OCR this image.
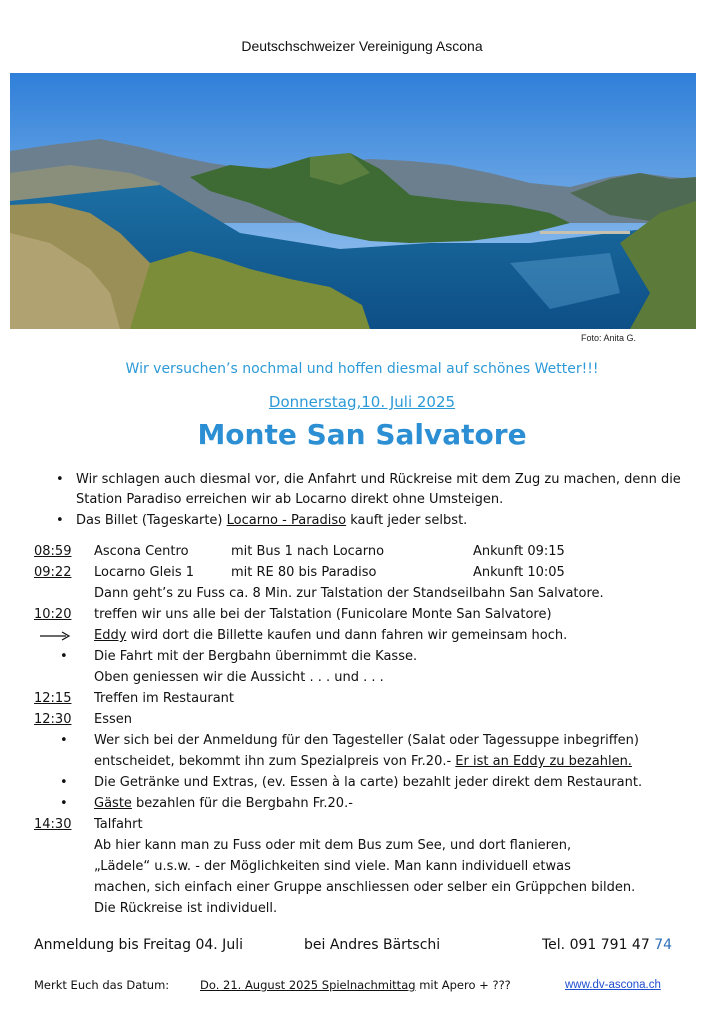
Deutschschweizer Vereinigung Ascona
Foto: Anita G.
Wir versuchen’s nochmal und hoffen diesmal auf schönes Wetter!!!
Donnerstag,10. Juli 2025
Monte San Salvatore
• Wir schlagen auch diesmal vor, die Anfahrt und Rückreise mit dem Zug zu machen, denn die Station Paradiso erreichen wir ab Locarno direkt ohne Umsteigen.
• Das Billet (Tageskarte) Locarno - Paradiso kauft jeder selbst.
08:59 Ascona Centro	mit Bus 1 nach Locarno	Ankunft 09:15
09:22 Locarno Gleis 1	mit RE 80 bis Paradiso	Ankunft 10:05
Dann geht’s zu Fuss ca. 8 Min. zur Talstation der Standseilbahn San Salvatore.
10:20 treffen wir uns alle bei der Talstation (Funicolare Monte San Salvatore)
Eddy wird dort die Billette kaufen und dann fahren wir gemeinsam hoch.
• Die Fahrt mit der Bergbahn übernimmt die Kasse.
Oben geniessen wir die Aussicht . . . und . . .
12:15 Treffen im Restaurant
12:30 Essen
• Wer sich bei der Anmeldung für den Tagesteller (Salat oder Tagessuppe inbegriffen)
entscheidet, bekommt ihn zum Spezialpreis von Fr.20.- Er ist an Eddy zu bezahlen.
• Die Getränke und Extras, (ev. Essen à la carte) bezahlt jeder direkt dem Restaurant.
• Gäste bezahlen für die Bergbahn Fr.20.-
14:30 Talfahrt
Ab hier kann man zu Fuss oder mit dem Bus zum See, und dort flanieren,
„Lädele“ u.s.w. - der Möglichkeiten sind viele. Man kann individuell etwas
machen, sich einfach einer Gruppe anschliessen oder selber ein Grüppchen bilden.
Die Rückreise ist individuell.
Anmeldung bis Freitag 04. Juli	bei Andres Bärtschi	Tel. 091 791 47 74
Merkt Euch das Datum:	Do. 21. August 2025 Spielnachmittag mit Apero + ???	www.dv-ascona.ch
